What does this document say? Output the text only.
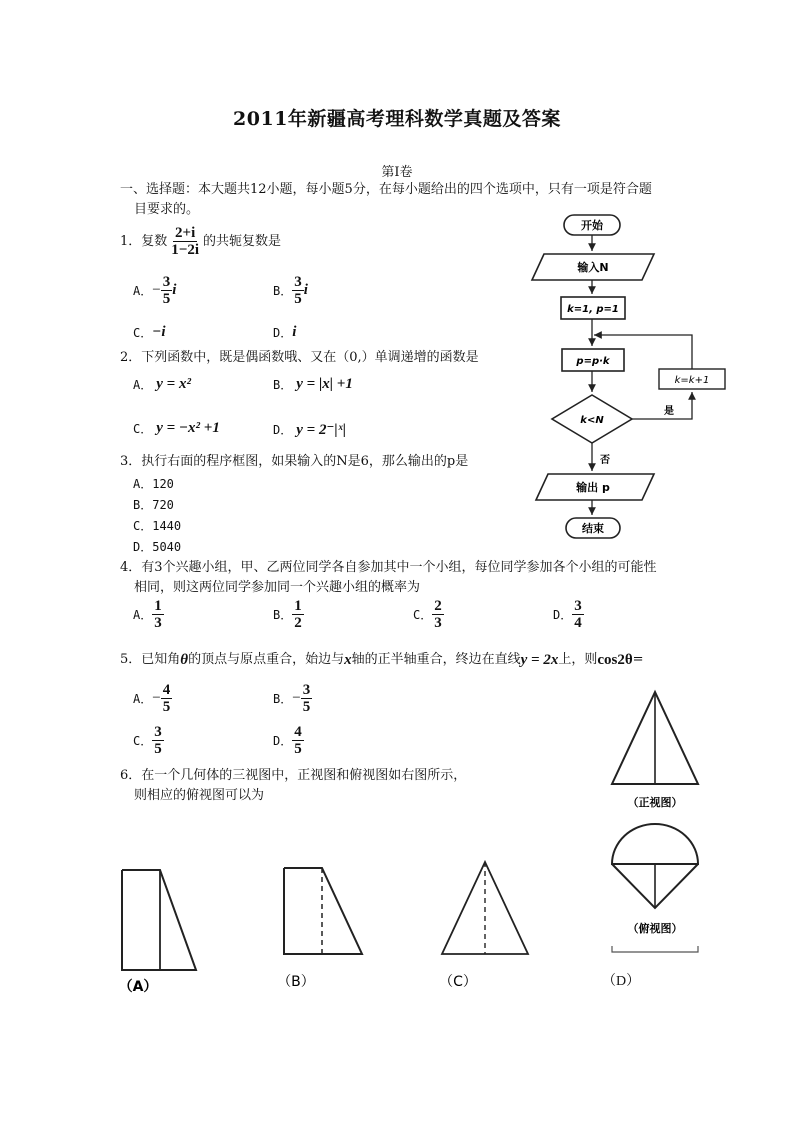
2011年新疆高考理科数学真题及答案
第I卷
一、选择题：本大题共12小题，每小题5分，在每小题给出的四个选项中，只有一项是符合题
目要求的。
1．复数 $\frac{2+i}{1-2i}$ 的共轭复数是
A． − $\frac{3}{5}$ i	B． $\frac{3}{5}$ i
C． −i	D． i
2．下列函数中，既是偶函数哦、又在（0,）单调递增的函数是
A． y = x²	B． y = |x| +1
C． y = −x² +1	D． y = 2⁻|ˣ|
3．执行右面的程序框图，如果输入的N是6，那么输出的p是
A．120
B．720
C．1440
D．5040
开始
输入N
k=1, p=1
p=p·k
k<N
是
k=k+1
否
输出 p
结束
4．有3个兴趣小组，甲、乙两位同学各自参加其中一个小组，每位同学参加各个小组的可能性
相同，则这两位同学参加同一个兴趣小组的概率为
A． $\frac{1}{3}$	B． $\frac{1}{2}$	C． $\frac{2}{3}$	D． $\frac{3}{4}$
5．已知角 θ 的顶点与原点重合，始边与 x 轴的正半轴重合，终边在直线 y = 2x 上，则 cos2θ =
A． − $\frac{4}{5}$	B． − $\frac{3}{5}$
C． $\frac{3}{5}$	D． $\frac{4}{5}$
6．在一个几何体的三视图中，正视图和俯视图如右图所示，
则相应的俯视图可以为	（正视图）
（俯视图）
（A）	（B）	（C）	（D）
